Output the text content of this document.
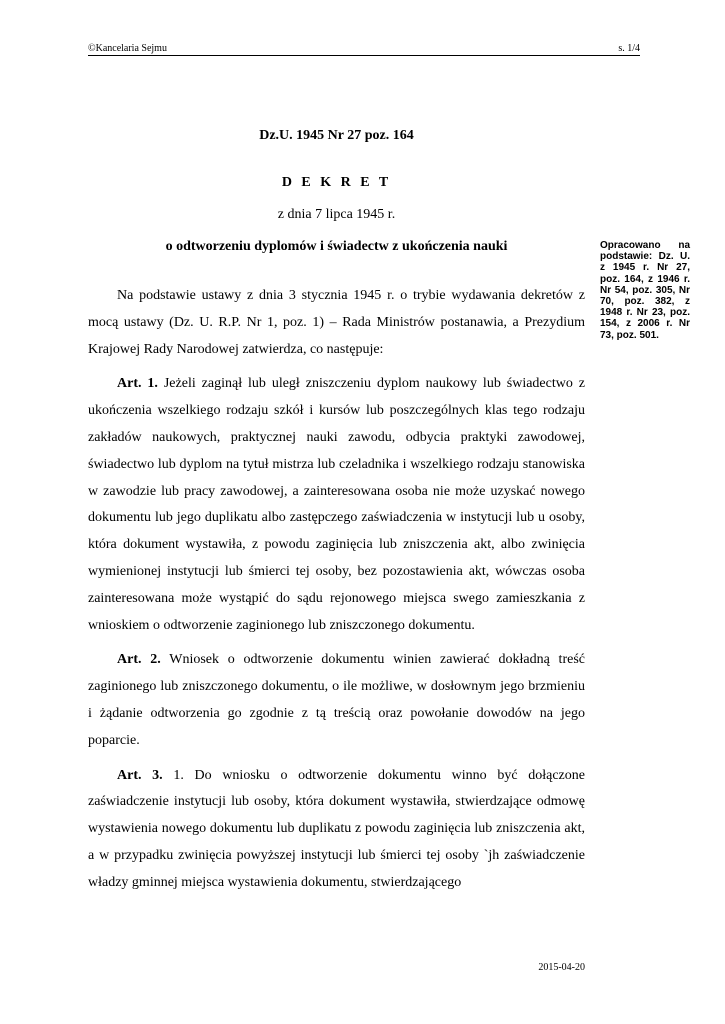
©Kancelaria Sejmu	s. 1/4
Dz.U. 1945 Nr 27 poz. 164
D E K R E T
z dnia 7 lipca 1945 r.
o odtworzeniu dyplomów i świadectw z ukończenia nauki	Opracowano na podstawie: Dz. U. z 1945 r. Nr 27, poz. 164, z 1946 r. Nr 54, poz. 305, Nr 70, poz. 382, z 1948 r. Nr 23, poz. 154, z 2006 r. Nr 73, poz. 501.

Na podstawie ustawy z dnia 3 stycznia 1945 r. o trybie wydawania dekretów z mocą ustawy (Dz. U. R.P. Nr 1, poz. 1) – Rada Ministrów postanawia, a Prezydium Krajowej Rady Narodowej zatwierdza, co następuje:

Art. 1. Jeżeli zaginął lub uległ zniszczeniu dyplom naukowy lub świadectwo z ukończenia wszelkiego rodzaju szkół i kursów lub poszczególnych klas tego rodzaju zakładów naukowych, praktycznej nauki zawodu, odbycia praktyki zawodowej, świadectwo lub dyplom na tytuł mistrza lub czeladnika i wszelkiego rodzaju stanowiska w zawodzie lub pracy zawodowej, a zainteresowana osoba nie może uzyskać nowego dokumentu lub jego duplikatu albo zastępczego zaświadczenia w instytucji lub u osoby, która dokument wystawiła, z powodu zaginięcia lub zniszczenia akt, albo zwinięcia wymienionej instytucji lub śmierci tej osoby, bez pozostawienia akt, wówczas osoba zainteresowana może wystąpić do sądu rejonowego miejsca swego zamieszkania z wnioskiem o odtworzenie zaginionego lub zniszczonego dokumentu.

Art. 2. Wniosek o odtworzenie dokumentu winien zawierać dokładną treść zaginionego lub zniszczonego dokumentu, o ile możliwe, w dosłownym jego brzmieniu i żądanie odtworzenia go zgodnie z tą treścią oraz powołanie dowodów na jego poparcie.

Art. 3. 1. Do wniosku o odtworzenie dokumentu winno być dołączone zaświadczenie instytucji lub osoby, która dokument wystawiła, stwierdzające odmowę wystawienia nowego dokumentu lub duplikatu z powodu zaginięcia lub zniszczenia akt, a w przypadku zwinięcia powyższej instytucji lub śmierci tej osoby `jh zaświadczenie władzy gminnej miejsca wystawienia dokumentu, stwierdzającego

2015-04-20
